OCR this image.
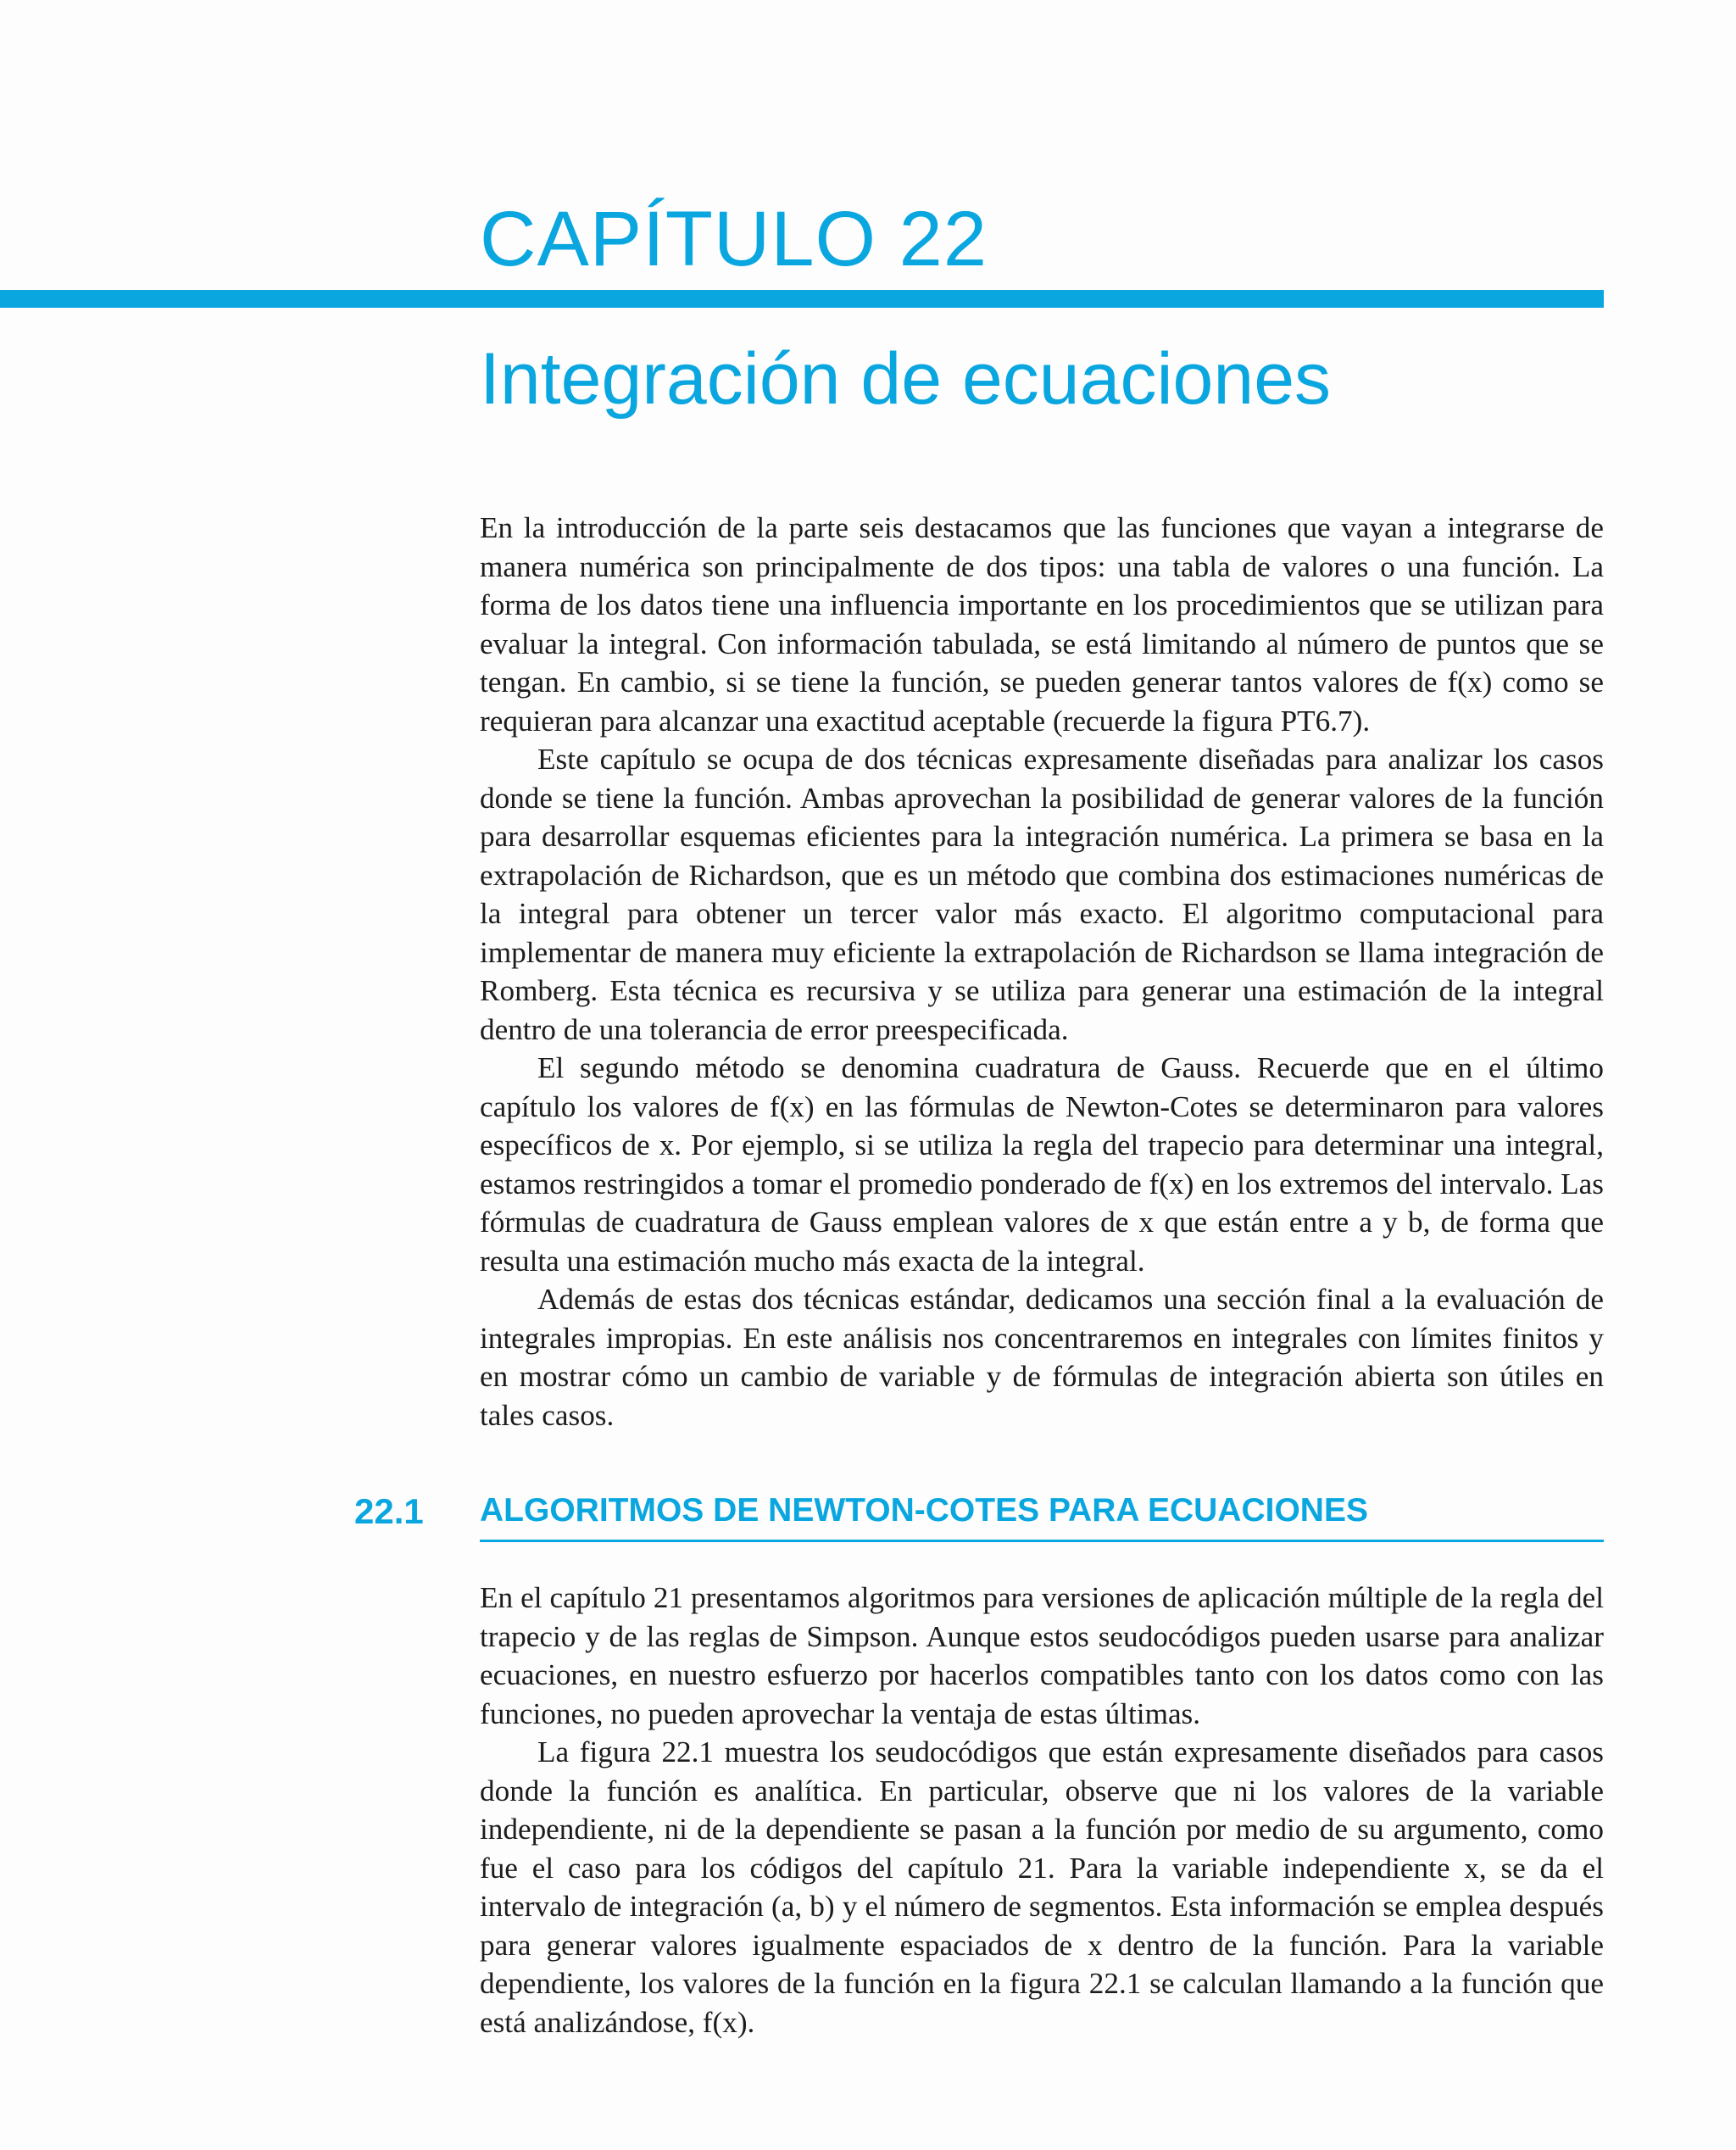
CAPÍTULO 22
Integración de ecuaciones

En la introducción de la parte seis destacamos que las funciones que vayan a integrarse de manera numérica son principalmente de dos tipos: una tabla de valores o una función. La forma de los datos tiene una influencia importante en los procedimientos que se utilizan para evaluar la integral. Con información tabulada, se está limitando al número de puntos que se tengan. En cambio, si se tiene la función, se pueden generar tantos valores de f(x) como se requieran para alcanzar una exactitud aceptable (recuerde la figura PT6.7).

Este capítulo se ocupa de dos técnicas expresamente diseñadas para analizar los casos donde se tiene la función. Ambas aprovechan la posibilidad de generar valores de la función para desarrollar esquemas eficientes para la integración numérica. La primera se basa en la extrapolación de Richardson, que es un método que combina dos estimaciones numéricas de la integral para obtener un tercer valor más exacto. El algoritmo computacional para implementar de manera muy eficiente la extrapolación de Richardson se llama integración de Romberg. Esta técnica es recursiva y se utiliza para generar una estimación de la integral dentro de una tolerancia de error preespecificada.

El segundo método se denomina cuadratura de Gauss. Recuerde que en el último capítulo los valores de f(x) en las fórmulas de Newton-Cotes se determinaron para valores específicos de x. Por ejemplo, si se utiliza la regla del trapecio para determinar una integral, estamos restringidos a tomar el promedio ponderado de f(x) en los extremos del intervalo. Las fórmulas de cuadratura de Gauss emplean valores de x que están entre a y b, de forma que resulta una estimación mucho más exacta de la integral.

Además de estas dos técnicas estándar, dedicamos una sección final a la evaluación de integrales impropias. En este análisis nos concentraremos en integrales con límites finitos y en mostrar cómo un cambio de variable y de fórmulas de integración abierta son útiles en tales casos.

22.1 ALGORITMOS DE NEWTON-COTES PARA ECUACIONES

En el capítulo 21 presentamos algoritmos para versiones de aplicación múltiple de la regla del trapecio y de las reglas de Simpson. Aunque estos seudocódigos pueden usarse para analizar ecuaciones, en nuestro esfuerzo por hacerlos compatibles tanto con los datos como con las funciones, no pueden aprovechar la ventaja de estas últimas.

La figura 22.1 muestra los seudocódigos que están expresamente diseñados para casos donde la función es analítica. En particular, observe que ni los valores de la variable independiente, ni de la dependiente se pasan a la función por medio de su argumento, como fue el caso para los códigos del capítulo 21. Para la variable independiente x, se da el intervalo de integración (a, b) y el número de segmentos. Esta información se emplea después para generar valores igualmente espaciados de x dentro de la función. Para la variable dependiente, los valores de la función en la figura 22.1 se calculan llamando a la función que está analizándose, f(x).
